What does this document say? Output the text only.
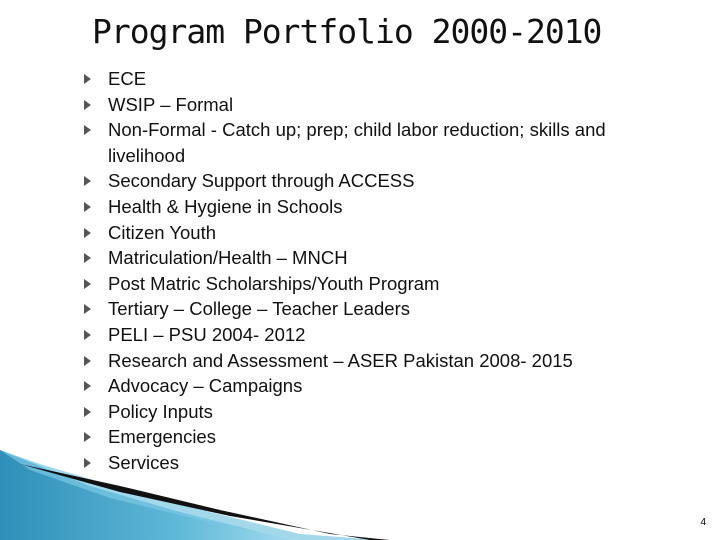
Program Portfolio 2000-2010
ECE
WSIP – Formal
Non-Formal - Catch up; prep; child labor reduction; skills and livelihood
Secondary Support through ACCESS
Health & Hygiene in Schools
Citizen Youth
Matriculation/Health – MNCH
Post Matric Scholarships/Youth Program
Tertiary – College – Teacher Leaders
PELI – PSU 2004- 2012
Research and Assessment – ASER Pakistan 2008- 2015
Advocacy – Campaigns
Policy Inputs
Emergencies
Services
4
